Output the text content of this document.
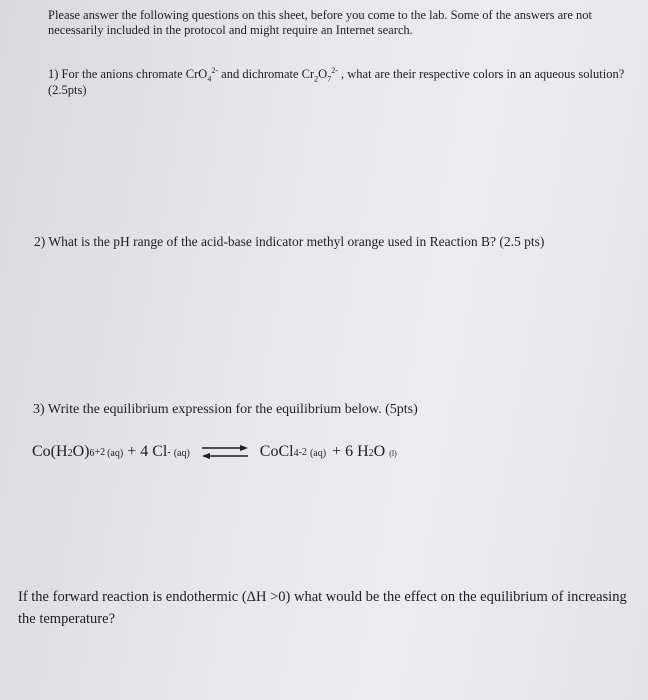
Please answer the following questions on this sheet, before you come to the lab. Some of the answers are not necessarily included in the protocol and might require an Internet search.

1) For the anions chromate CrO$_4^{2-}$ and dichromate $Cr_2O_7^{2-}$ , what are their respective colors in an aqueous solution? (2.5pts)

2) What is the pH range of the acid-base indicator methyl orange used in Reaction B? (2.5 pts)

3) Write the equilibrium expression for the equilibrium below. (5pts)

Co(H 2 O) $6^{+2}$ (aq) + 4 Cl- (aq) ⇌ CoCl $4^{-2}$ (aq) + 6 H 2 O (l)

If the forward reaction is endothermic (ΔH >0) what would be the effect on the equilibrium of increasing the temperature?
